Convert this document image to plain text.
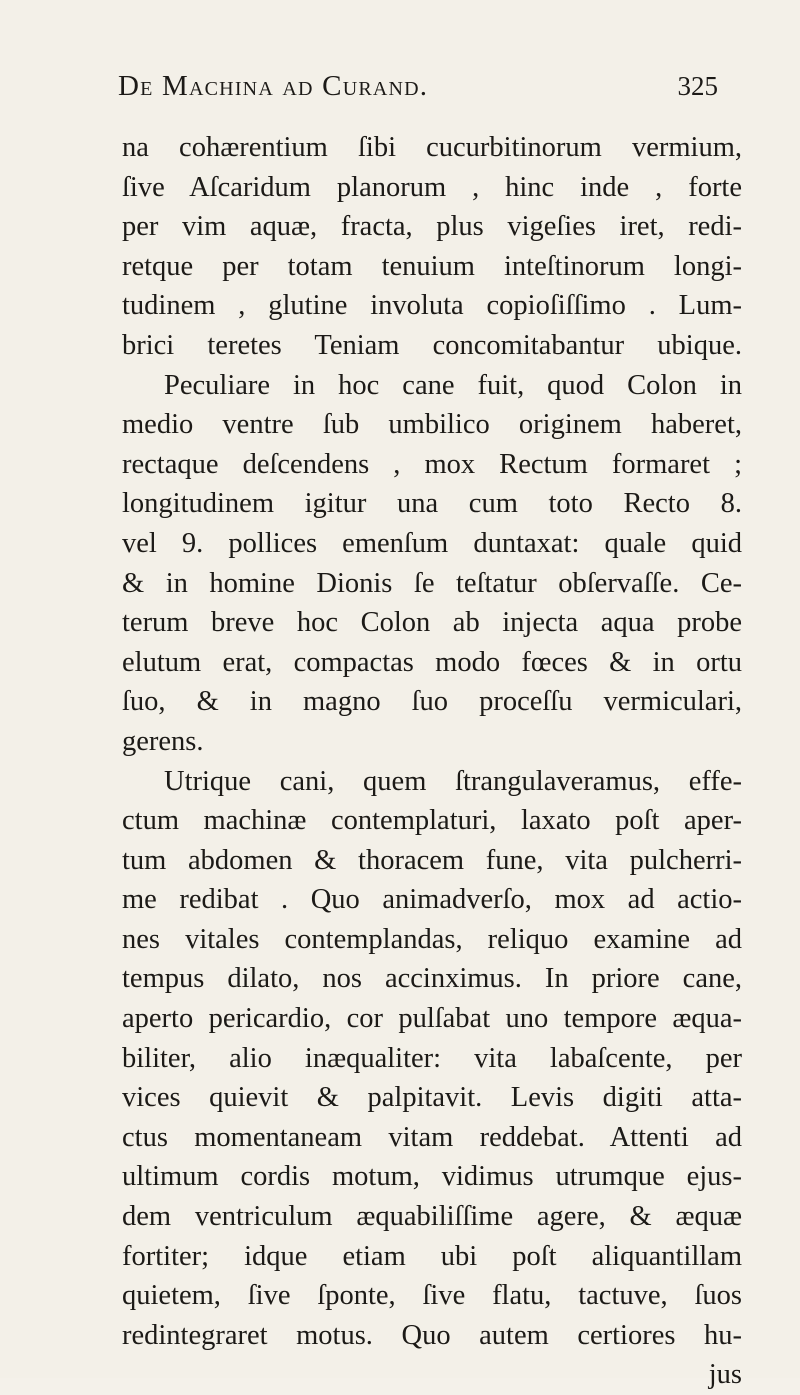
De Machina ad Curand.	325
na cohærentium ſibi cucurbitinorum vermium,
ſive Aſcaridum planorum , hinc inde , forte
per vim aquæ, fracta, plus vigeſies iret, redi-
retque per totam tenuium inteſtinorum longi-
tudinem , glutine involuta copioſiſſimo . Lum-
brici teretes Teniam concomitabantur ubique.
Peculiare in hoc cane fuit, quod Colon in
medio ventre ſub umbilico originem haberet,
rectaque deſcendens , mox Rectum formaret ;
longitudinem igitur una cum toto Recto 8.
vel 9. pollices emenſum duntaxat: quale quid
& in homine Dionis ſe teſtatur obſervaſſe. Ce-
terum breve hoc Colon ab injecta aqua probe
elutum erat, compactas modo fœces & in ortu
ſuo, & in magno ſuo proceſſu vermiculari,
gerens.
Utrique cani, quem ſtrangulaveramus, effe-
ctum machinæ contemplaturi, laxato poſt aper-
tum abdomen & thoracem fune, vita pulcherri-
me redibat . Quo animadverſo, mox ad actio-
nes vitales contemplandas, reliquo examine ad
tempus dilato, nos accinximus. In priore cane,
aperto pericardio, cor pulſabat uno tempore æqua-
biliter, alio inæqualiter: vita labaſcente, per
vices quievit & palpitavit. Levis digiti atta-
ctus momentaneam vitam reddebat. Attenti ad
ultimum cordis motum, vidimus utrumque ejus-
dem ventriculum æquabiliſſime agere, & æquæ
fortiter; idque etiam ubi poſt aliquantillam
quietem, ſive ſponte, ſive flatu, tactuve, ſuos
redintegraret motus. Quo autem certiores hu-
jus
